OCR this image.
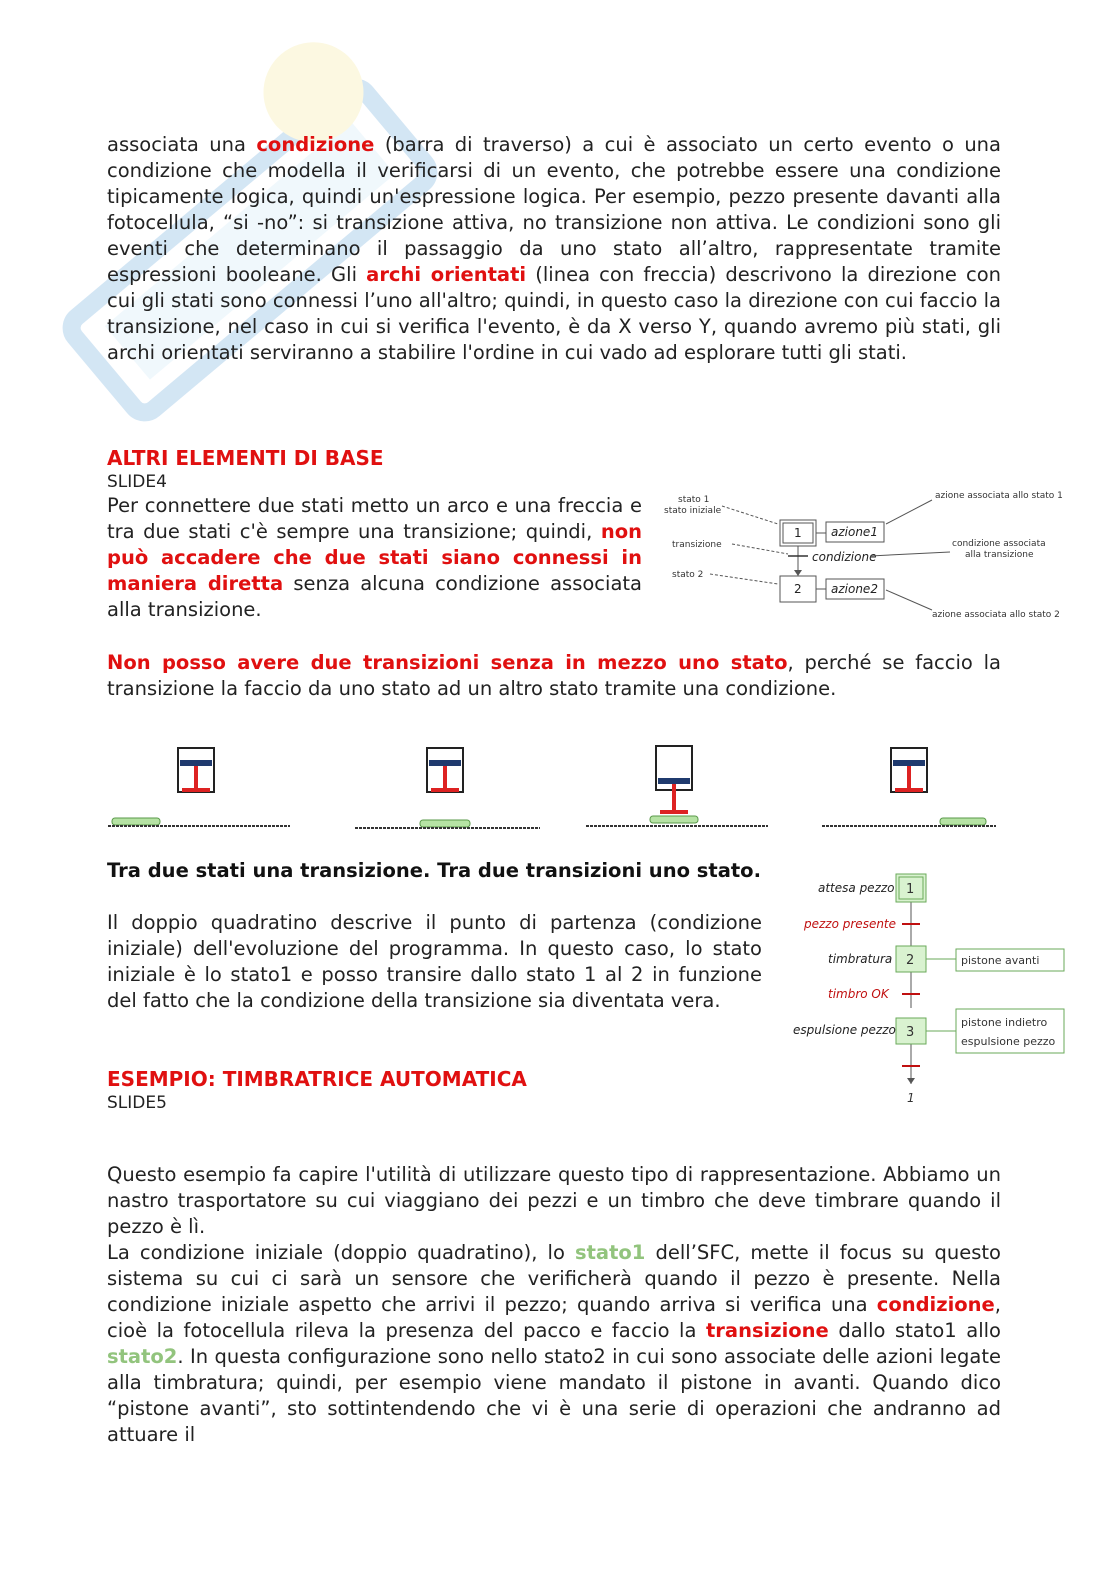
associata una condizione (barra di traverso) a cui è associato un certo evento o una condizione che modella il verificarsi di un evento, che potrebbe essere una condizione tipicamente logica, quindi un'espressione logica. Per esempio, pezzo presente davanti alla fotocellula, “si -no”: si transizione attiva, no transizione non attiva. Le condizioni sono gli eventi che determinano il passaggio da uno stato all’altro, rappresentate tramite espressioni booleane. Gli archi orientati (linea con freccia) descrivono la direzione con cui gli stati sono connessi l’uno all'altro; quindi, in questo caso la direzione con cui faccio la transizione, nel caso in cui si verifica l'evento, è da X verso Y, quando avremo più stati, gli archi orientati serviranno a stabilire l'ordine in cui vado ad esplorare tutti gli stati.
ALTRI ELEMENTI DI BASE
SLIDE4
Per connettere due stati metto un arco e una freccia e tra due stati c'è sempre una transizione; quindi, non può accadere che due stati siano connessi in maniera diretta senza alcuna condizione associata alla transizione.
stato 1
stato iniziale
transizione
stato 2
azione associata allo stato 1
condizione associata
alla transizione
azione associata allo stato 2
1 azione1
condizione
2 azione2
Non posso avere due transizioni senza in mezzo uno stato, perché se faccio la transizione la faccio da uno stato ad un altro stato tramite una condizione.
Tra due stati una transizione. Tra due transizioni uno stato.
Il doppio quadratino descrive il punto di partenza (condizione iniziale) dell'evoluzione del programma. In questo caso, lo stato iniziale è lo stato1 e posso transire dallo stato 1 al 2 in funzione del fatto che la condizione della transizione sia diventata vera.
attesa pezzo
pezzo presente
timbratura
timbro OK
espulsione pezzo
1
2	pistone avanti
3
pistone indietro
espulsione pezzo
1
ESEMPIO: TIMBRATRICE AUTOMATICA
SLIDE5
Questo esempio fa capire l'utilità di utilizzare questo tipo di rappresentazione. Abbiamo un nastro trasportatore su cui viaggiano dei pezzi e un timbro che deve timbrare quando il pezzo è lì.
La condizione iniziale (doppio quadratino), lo stato1 dell’SFC, mette il focus su questo sistema su cui ci sarà un sensore che verificherà quando il pezzo è presente. Nella condizione iniziale aspetto che arrivi il pezzo; quando arriva si verifica una condizione, cioè la fotocellula rileva la presenza del pacco e faccio la transizione dallo stato1 allo stato2. In questa configurazione sono nello stato2 in cui sono associate delle azioni legate alla timbratura; quindi, per esempio viene mandato il pistone in avanti. Quando dico “pistone avanti”, sto sottintendendo che vi è una serie di operazioni che andranno ad attuare il
